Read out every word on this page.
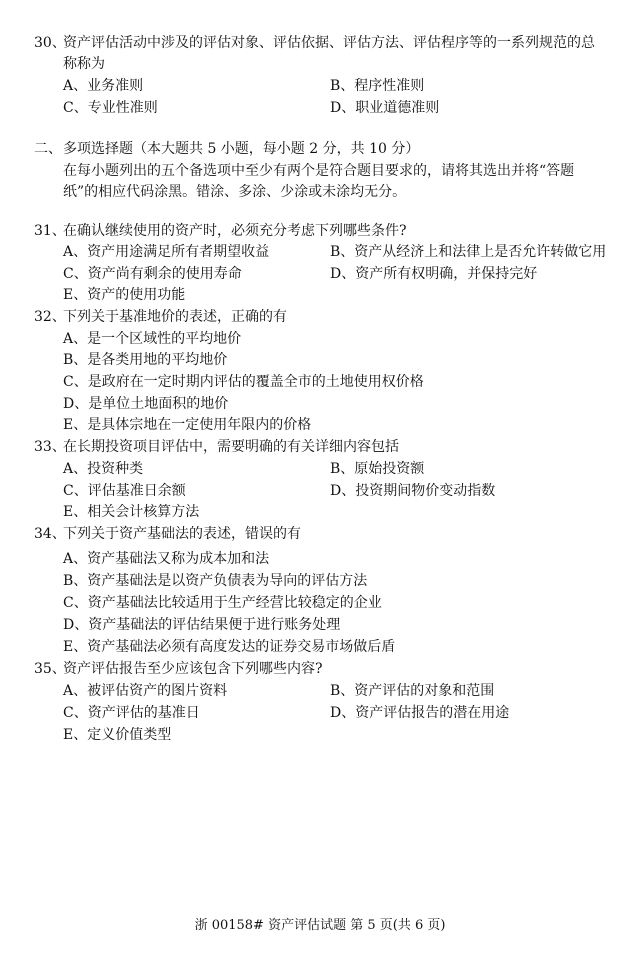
30、
资产评估活动中涉及的评估对象、评估依据、评估方法、评估程序等的一系列规范的总
称称为
A、业务准则	B、程序性准则
C、专业性准则	D、职业道德准则
二、 多项选择题（本大题共 5 小题，每小题 2 分，共 10 分）
在每小题列出的五个备选项中至少有两个是符合题目要求的，请将其选出并将“答题
纸”的相应代码涂黑。错涂、多涂、少涂或未涂均无分。
31、
在确认继续使用的资产时，必须充分考虑下列哪些条件?
A、资产用途满足所有者期望收益	B、资产从经济上和法律上是否允许转做它用
C、资产尚有剩余的使用寿命	D、资产所有权明确，并保持完好
E、资产的使用功能
32、
下列关于基准地价的表述，正确的有
A、是一个区域性的平均地价
B、是各类用地的平均地价
C、是政府在一定时期内评估的覆盖全市的土地使用权价格
D、是单位土地面积的地价
E、是具体宗地在一定使用年限内的价格
33、
在长期投资项目评估中，需要明确的有关详细内容包括
A、投资种类	B、原始投资额
C、评估基准日余额	D、投资期间物价变动指数
E、相关会计核算方法
34、
下列关于资产基础法的表述，错误的有
A、资产基础法又称为成本加和法
B、资产基础法是以资产负债表为导向的评估方法
C、资产基础法比较适用于生产经营比较稳定的企业
D、资产基础法的评估结果便于进行账务处理
E、资产基础法必须有高度发达的证券交易市场做后盾
35、
资产评估报告至少应该包含下列哪些内容?
A、被评估资产的图片资料	B、资产评估的对象和范围
C、资产评估的基准日	D、资产评估报告的潜在用途
E、定义价值类型
浙 00158# 资产评估试题 第 5 页(共 6 页)
